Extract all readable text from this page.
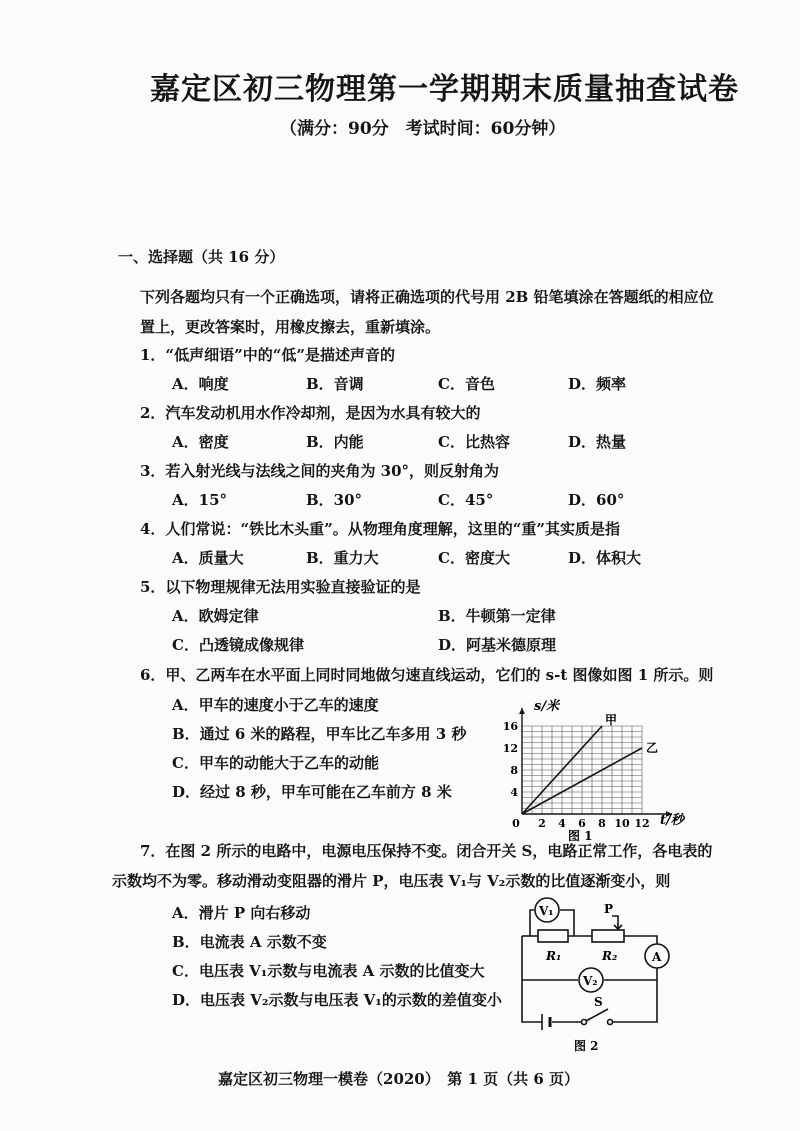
嘉定区初三物理第一学期期末质量抽查试卷
（满分：90分　考试时间：60分钟）
一、选择题（共 16 分）
下列各题均只有一个正确选项，请将正确选项的代号用 2B 铅笔填涂在答题纸的相应位置上，更改答案时，用橡皮擦去，重新填涂。
1．“低声细语”中的“低”是描述声音的
A．响度	B．音调	C．音色	D．频率
2．汽车发动机用水作冷却剂，是因为水具有较大的
A．密度	B．内能	C．比热容	D．热量
3．若入射光线与法线之间的夹角为 30°，则反射角为
A．15°	B．30°	C．45°	D．60°
4．人们常说：“铁比木头重”。从物理角度理解，这里的“重”其实质是指
A．质量大	B．重力大	C．密度大	D．体积大
5．以下物理规律无法用实验直接验证的是
A．欧姆定律	B．牛顿第一定律
C．凸透镜成像规律	D．阿基米德原理
6．甲、乙两车在水平面上同时同地做匀速直线运动，它们的 s-t 图像如图 1 所示。则
A．甲车的速度小于乙车的速度
B．通过 6 米的路程，甲车比乙车多用 3 秒
C．甲车的动能大于乙车的动能
D．经过 8 秒，甲车可能在乙车前方 8 米
16
12
8
4
0 2 4 6 8 10 12
s/米
t/秒
甲
乙
图 1
7．在图 2 所示的电路中，电源电压保持不变。闭合开关 S，电路正常工作，各电表的
示数均不为零。移动滑动变阻器的滑片 P，电压表 V₁与 V₂示数的比值逐渐变小，则
A．滑片 P 向右移动
B．电流表 A 示数不变
C．电压表 V₁示数与电流表 A 示数的比值变大
D．电压表 V₂示数与电压表 V₁的示数的差值变小
V₁
V₂
A
R₁	R₂
P
S
图 2
嘉定区初三物理一模卷（2020）　第 1 页（共 6 页）
